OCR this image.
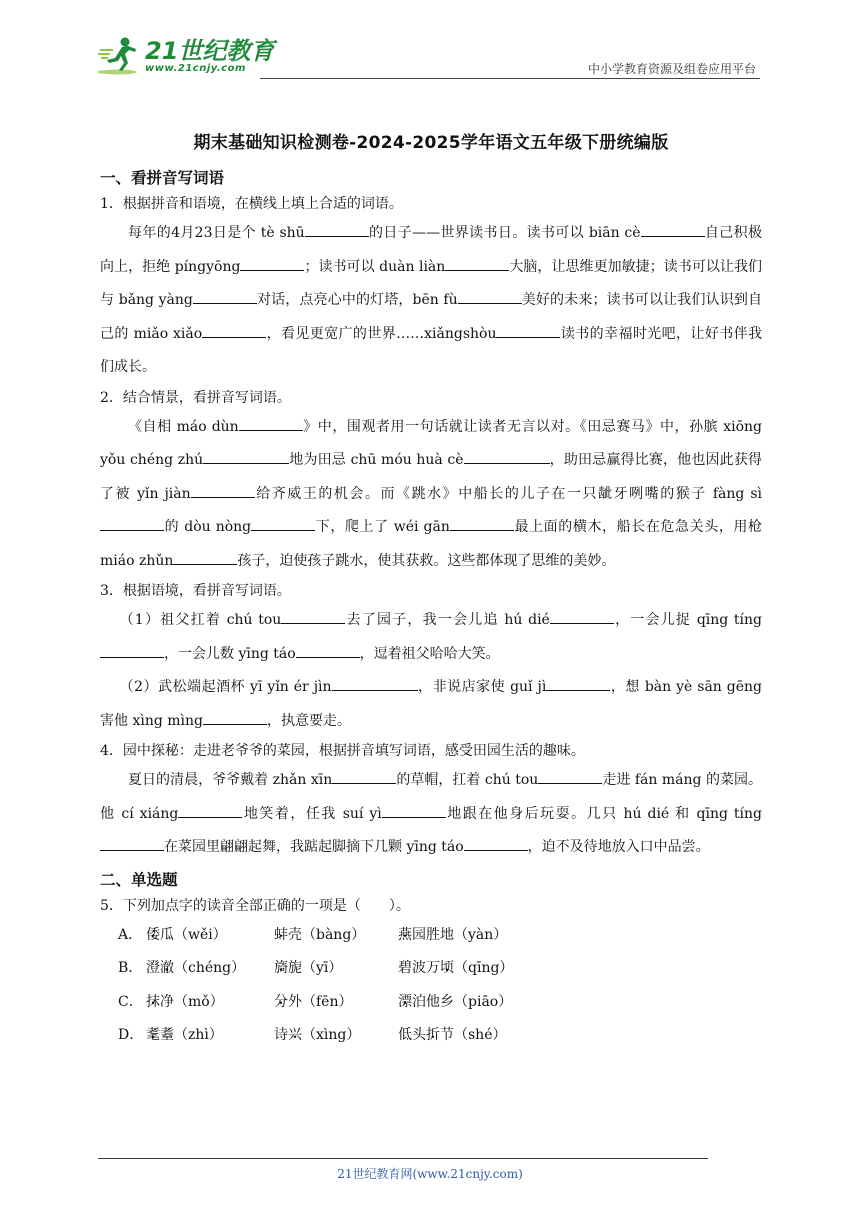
21世纪教育
www.21cnjy.com	中小学教育资源及组卷应用平台
期末基础知识检测卷-2024-2025学年语文五年级下册统编版
一、看拼音写词语
1．根据拼音和语境，在横线上填上合适的词语。
每年的4月23日是个 tè shū	的日子——世界读书日。读书可以 biān cè	自己积极向上，拒绝 píngyōng	；读书可以 duàn liàn	大脑，让思维更加敏捷；读书可以让我们与 bǎng yàng	对话，点亮心中的灯塔，bēn fù	美好的未来；读书可以让我们认识到自己的 miǎo xiǎo	，看见更宽广的世界……xiǎngshòu	读书的幸福时光吧，让好书伴我们成长。
2．结合情景，看拼音写词语。
《自相 máo dùn	》中，围观者用一句话就让读者无言以对。《田忌赛马》中，孙膑 xiōng yǒu chéng zhú	地为田忌 chū móu huà cè	，助田忌赢得比赛，他也因此获得了被 yǐn jiàn	给齐威王的机会。而《跳水》中船长的儿子在一只龇牙咧嘴的猴子 fàng sì的 dòu nòng	下，爬上了 wéi gān	最上面的横木，船长在危急关头，用枪 miáo zhǔn	孩子，迫使孩子跳水，使其获救。这些都体现了思维的美妙。
3．根据语境，看拼音写词语。
（1）祖父扛着 chú tou	去了园子，我一会儿追 hú dié	，一会儿捉 qīng tíng，一会儿数 yīng táo	，逗着祖父哈哈大笑。
（2）武松端起酒杯 yī yǐn ér jìn	，非说店家使 guǐ jì	，想 bàn yè sān gēng 害他 xìng mìng	，执意要走。
4．园中探秘：走进老爷爷的菜园，根据拼音填写词语，感受田园生活的趣味。
夏日的清晨，爷爷戴着 zhǎn xīn	的草帽，扛着 chú tou	走进 fán máng 的菜园。他 cí xiáng	地笑着，任我 suí yì	地跟在他身后玩耍。几只 hú dié 和 qīng tíng在菜园里翩翩起舞，我踮起脚摘下几颗 yīng táo	，迫不及待地放入口中品尝。
二、单选题
5．下列加点字的读音全部正确的一项是（　　）。
A． 倭 •瓜（wěi）	蚌 •壳（bàng） 燕 •园胜地（yàn）
B． 澄澈 •（chéng） 旖 •旎（yī）	碧波万顷 •（qīng）
C． 抹 •净（mǒ）	分 •外（fēn）	漂 •泊他乡（piāo）
D． 耄 •耋（zhì）	诗兴 •（xìng）	低头折 •节（shé）
21世纪教育网(www.21cnjy.com)
